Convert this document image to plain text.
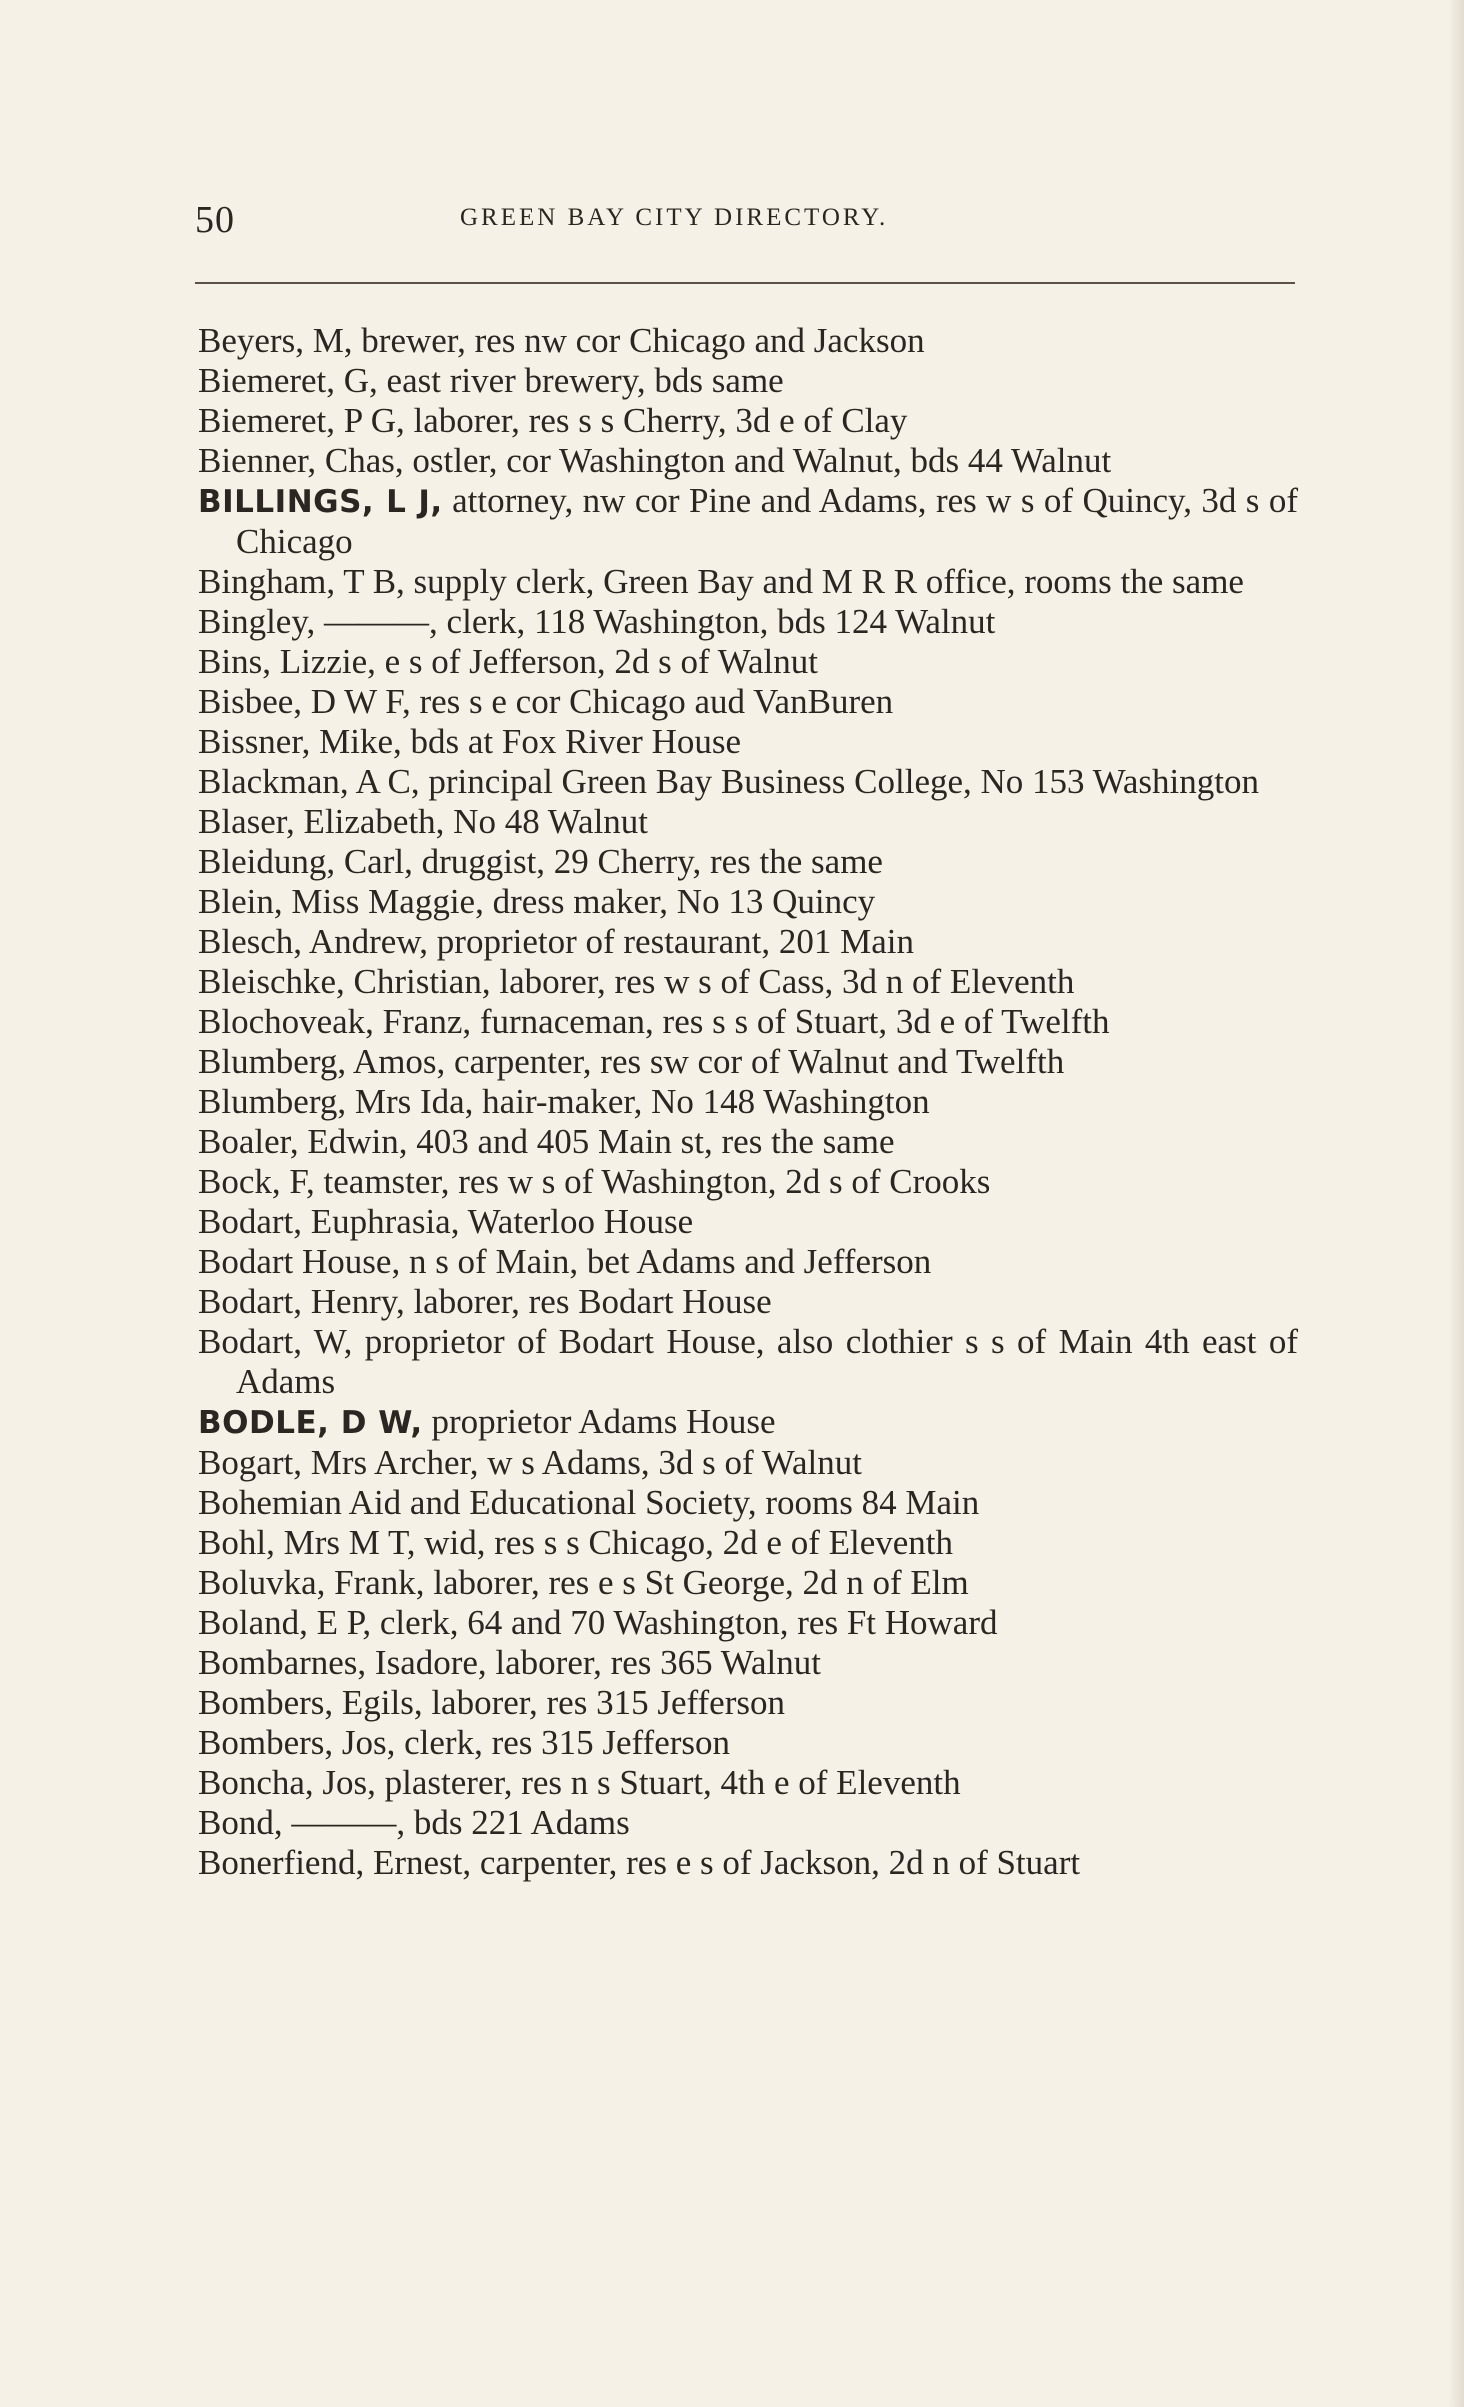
50	GREEN BAY CITY DIRECTORY.

Beyers, M, brewer, res nw cor Chicago and Jackson

Biemeret, G, east river brewery, bds same

Biemeret, P G, laborer, res s s Cherry, 3d e of Clay

Bienner, Chas, ostler, cor Washington and Walnut, bds 44 Walnut

BILLINGS, L J, attorney, nw cor Pine and Adams, res w s of Quincy, 3d s of Chicago

Bingham, T B, supply clerk, Green Bay and M R R office, rooms the same

Bingley, ———, clerk, 118 Washington, bds 124 Walnut

Bins, Lizzie, e s of Jefferson, 2d s of Walnut

Bisbee, D W F, res s e cor Chicago aud VanBuren

Bissner, Mike, bds at Fox River House

Blackman, A C, principal Green Bay Business College, No 153 Washington

Blaser, Elizabeth, No 48 Walnut

Bleidung, Carl, druggist, 29 Cherry, res the same

Blein, Miss Maggie, dress maker, No 13 Quincy

Blesch, Andrew, proprietor of restaurant, 201 Main

Bleischke, Christian, laborer, res w s of Cass, 3d n of Eleventh

Blochoveak, Franz, furnaceman, res s s of Stuart, 3d e of Twelfth

Blumberg, Amos, carpenter, res sw cor of Walnut and Twelfth

Blumberg, Mrs Ida, hair-maker, No 148 Washington

Boaler, Edwin, 403 and 405 Main st, res the same

Bock, F, teamster, res w s of Washington, 2d s of Crooks

Bodart, Euphrasia, Waterloo House

Bodart House, n s of Main, bet Adams and Jefferson

Bodart, Henry, laborer, res Bodart House

Bodart, W, proprietor of Bodart House, also clothier s s of Main 4th east of Adams

BODLE, D W, proprietor Adams House

Bogart, Mrs Archer, w s Adams, 3d s of Walnut

Bohemian Aid and Educational Society, rooms 84 Main

Bohl, Mrs M T, wid, res s s Chicago, 2d e of Eleventh

Boluvka, Frank, laborer, res e s St George, 2d n of Elm

Boland, E P, clerk, 64 and 70 Washington, res Ft Howard

Bombarnes, Isadore, laborer, res 365 Walnut

Bombers, Egils, laborer, res 315 Jefferson

Bombers, Jos, clerk, res 315 Jefferson

Boncha, Jos, plasterer, res n s Stuart, 4th e of Eleventh

Bond, ———, bds 221 Adams

Bonerfiend, Ernest, carpenter, res e s of Jackson, 2d n of Stuart
